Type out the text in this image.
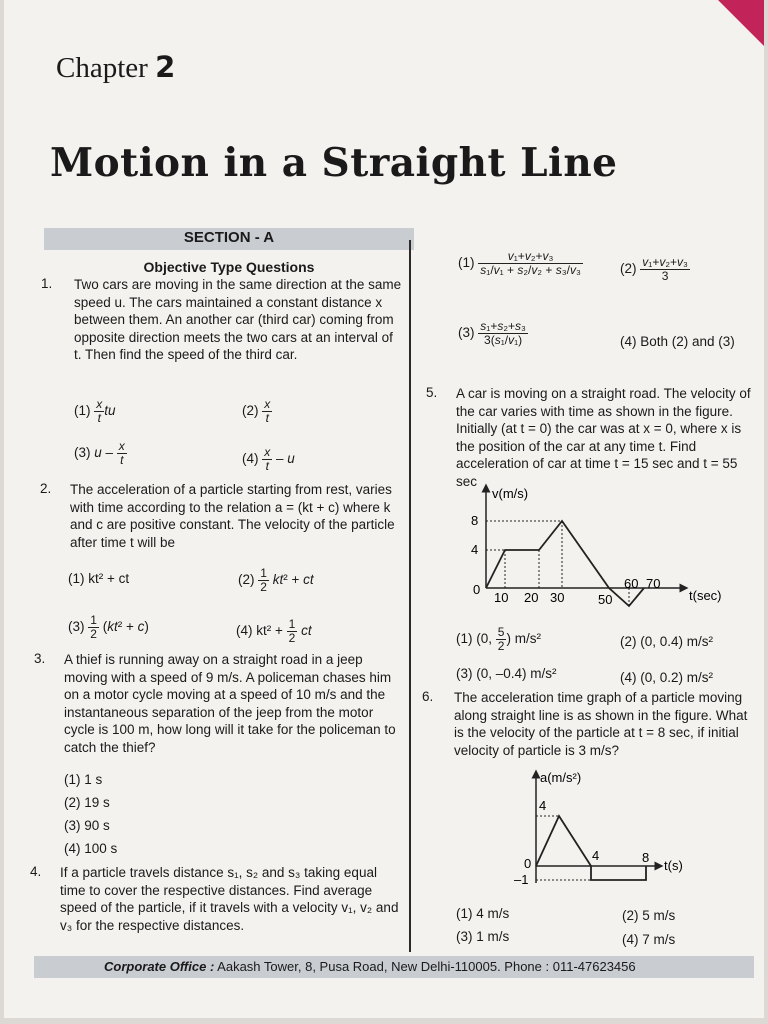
Chapter 2
Motion in a Straight Line
SECTION - A
Objective Type Questions
1. Two cars are moving in the same direction at the same speed u. The cars maintained a constant distance x between them. An another car (third car) coming from opposite direction meets the two cars at an interval of t. Then find the speed of the third car.
$(1) \frac{x}{t}$ tu	$(2) \frac{x}{t}$
(3) u – $\frac{x}{t}$	$(4) \frac{x}{t}$ – u
2. The acceleration of a particle starting from rest, varies with time according to the relation a = (kt + c) where k and c are positive constant. The velocity of the particle after time t will be
(1) kt² + ct	$(2) \frac{1}{2} kt^2$ + ct
$(3) \frac{1}{2} (kt^2 + c)$	(4) $kt^2 + \frac{1}{2}$ ct
3. A thief is running away on a straight road in a jeep moving with a speed of 9 m/s. A policeman chases him on a motor cycle moving at a speed of 10 m/s and the instantaneous separation of the jeep from the motor cycle is 100 m, how long will it take for the policeman to catch the thief?
(1) 1 s
(2) 19 s
(3) 90 s
(4) 100 s
4. If a particle travels distance s₁, s₂ and s₃ taking equal time to cover the respective distances. Find average speed of the particle, if it travels with a velocity v₁, v₂ and v₃ for the respective distances.
$(1) \frac{\text{v₁+v₂+v₃}}{\text{s₁/v₁ + s₂/v₂ + s₃/v₃}}$	$(2) \frac{\text{v₁+v₂+v₃}}{3}$
$(3) \frac{\text{s₁+s₂+s₃}}{\text{3(s₁/v₁)}}$	(4) Both (2) and (3)
5. A car is moving on a straight road. The velocity of the car varies with time as shown in the figure. Initially (at t = 0) the car was at x = 0, where x is the position of the car at any time t. Find acceleration of car at time t = 15 sec and t = 55 sec
v(m/s)
t(sec)
8
4
0
10 20 30	50
60 70
(1) (0, $\frac{5}{2}$ ) m/s²	(2) (0, 0.4) m/s²
(3) (0, –0.4) m/s²	(4) (0, 0.2) m/s²
6. The acceleration time graph of a particle moving along straight line is as shown in the figure. What is the velocity of the particle at t = 8 sec, if initial velocity of particle is 3 m/s?
a(m/s²)
t(s)
4
0
–1
4	8
(1) 4 m/s	(2) 5 m/s
(3) 1 m/s	(4) 7 m/s
Corporate Office : Aakash Tower, 8, Pusa Road, New Delhi-110005. Phone : 011-47623456
